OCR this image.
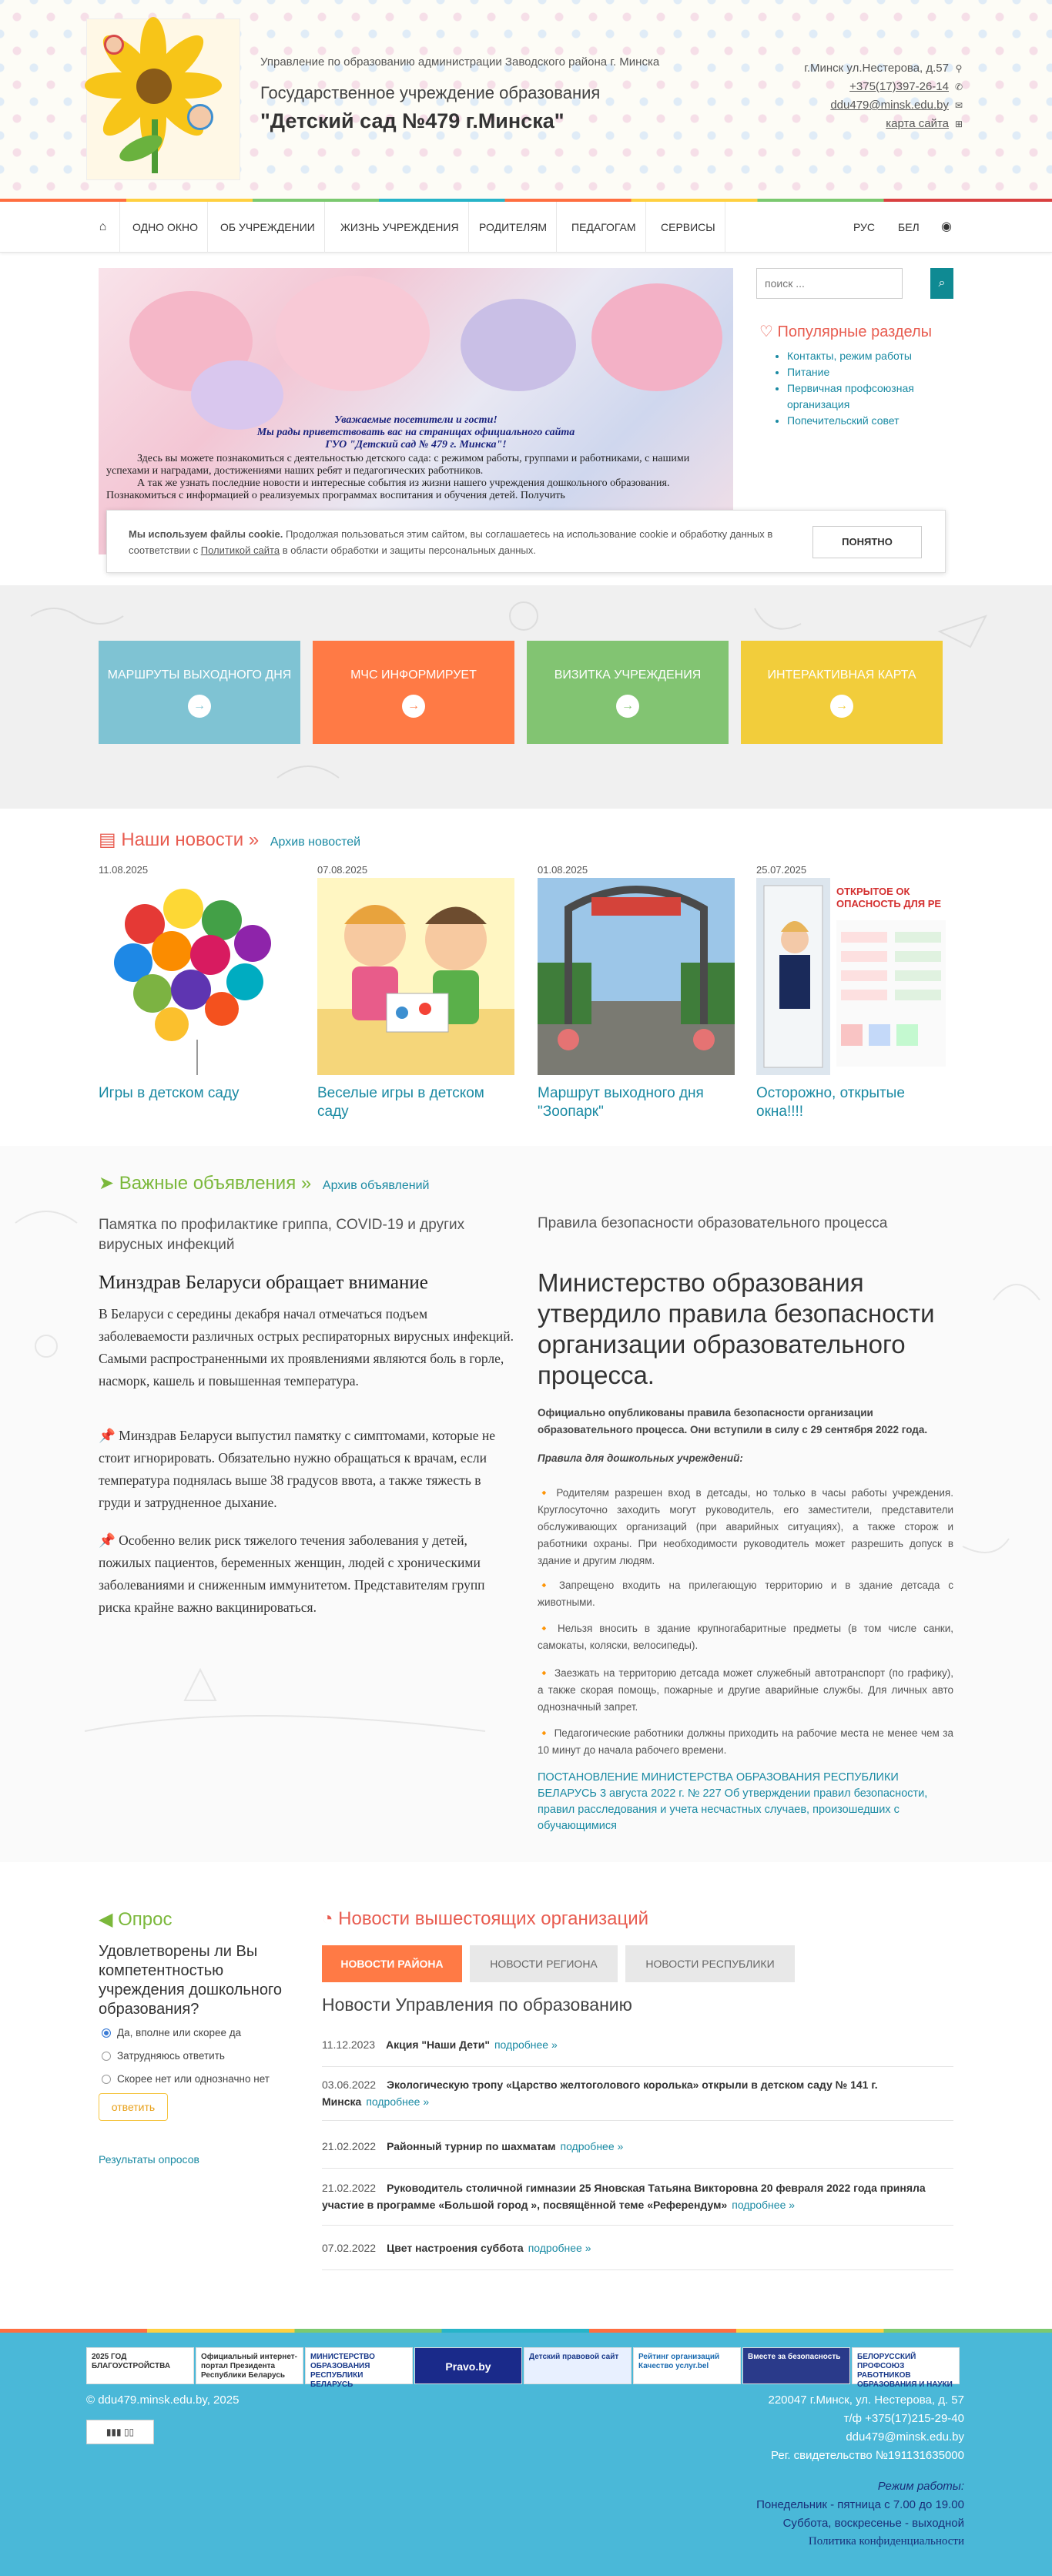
Управление по образованию администрации Заводского района г. Минска
Государственное учреждение образования
"Детский сад №479 г.Минска"
г.Минск ул.Нестерова, д.57 ⚲
+375(17)397-26-14 ✆
ddu479@minsk.edu.by ✉
карта сайта ⊞
⌂	ОДНО ОКНО	ОБ УЧРЕЖДЕНИИ	ЖИЗНЬ УЧРЕЖДЕНИЯ	РОДИТЕЛЯМ	ПЕДАГОГАМ	СЕРВИСЫ	РУС БЕЛ ◉
Уважаемые посетители и гости!
Мы рады приветствовать вас на страницах официального сайта
ГУО "Детский сад № 479 г. Минска"!
Здесь вы можете познакомиться с деятельностью детского сада: с режимом работы, группами и работниками, с нашими успехами и наградами, достижениями наших ребят и педагогических работников.
А так же узнать последние новости и интересные события из жизни нашего учреждения дошкольного образования. Познакомиться с информацией о реализуемых программах воспитания и обучения детей. Получить
поиск ...
⌕
♡ Популярные разделы
• Контакты, режим работы
• Питание
• Первичная профсоюзная организация
• Попечительский совет
Мы используем файлы cookie. Продолжая пользоваться этим сайтом, вы соглашаетесь на использование cookie и обработку данных в соответствии с Политикой сайта в области обработки и защиты персональных данных.
ПОНЯТНО
МАРШРУТЫ ВЫХОДНОГО ДНЯ
→
МЧС ИНФОРМИРУЕТ
→
ВИЗИТКА УЧРЕЖДЕНИЯ
→
ИНТЕРАКТИВНАЯ КАРТА
→
▤ Наши новости » Архив новостей
11.08.2025
Игры в детском саду
07.08.2025
Веселые игры в детском саду
01.08.2025
Маршрут выходного дня "Зоопарк"
25.07.2025
ОТКРЫТОЕ ОК ОПАСНОСТЬ ДЛЯ РЕ
Осторожно, открытые окна!!!!
➤ Важные объявления » Архив объявлений
Памятка по профилактике гриппа, COVID-19 и других вирусных инфекций
Минздрав Беларуси обращает внимание
В Беларуси с середины декабря начал отмечаться подъем заболеваемости различных острых респираторных вирусных инфекций. Самыми распространенными их проявлениями являются боль в горле, насморк, кашель и повышенная температура.
📌 Минздрав Беларуси выпустил памятку с симптомами, которые не стоит игнорировать. Обязательно нужно обращаться к врачам, если температура поднялась выше 38 градусов ввота, а также тяжесть в груди и затрудненное дыхание.
📌 Особенно велик риск тяжелого течения заболевания у детей, пожилых пациентов, беременных женщин, людей с хроническими заболеваниями и сниженным иммунитетом. Представителям групп риска крайне важно вакцинироваться.
Правила безопасности образовательного процесса
Министерство образования утвердило правила безопасности организации образовательного процесса.
Официально опубликованы правила безопасности организации образовательного процесса. Они вступили в силу с 29 сентября 2022 года.
Правила для дошкольных учреждений:
🔸 Родителям разрешен вход в детсады, но только в часы работы учреждения. Круглосуточно заходить могут руководитель, его заместители, представители обслуживающих организаций (при аварийных ситуациях), а также сторож и работники охраны. При необходимости руководитель может разрешить допуск в здание и другим людям.
🔸 Запрещено входить на прилегающую территорию и в здание детсада с животными.
🔸 Нельзя вносить в здание крупногабаритные предметы (в том числе санки, самокаты, коляски, велосипеды).
🔸 Заезжать на территорию детсада может служебный автотранспорт (по графику), а также скорая помощь, пожарные и другие аварийные службы. Для личных авто однозначный запрет.
🔸 Педагогические работники должны приходить на рабочие места не менее чем за 10 минут до начала рабочего времени.
ПОСТАНОВЛЕНИЕ МИНИСТЕРСТВА ОБРАЗОВАНИЯ РЕСПУБЛИКИ БЕЛАРУСЬ 3 августа 2022 г. № 227 Об утверждении правил безопасности, правил расследования и учета несчастных случаев, произошедших с обучающимися
◀ Опрос
Удовлетворены ли Вы компетентностью учреждения дошкольного образования?
Да, вполне или скорее да
Затрудняюсь ответить
Скорее нет или однозначно нет
ответить
Результаты опросов
◔ Новости вышестоящих организаций
НОВОСТИ РАЙОНА	НОВОСТИ РЕГИОНА	НОВОСТИ РЕСПУБЛИКИ
Новости Управления по образованию
11.12.2023 Акция "Наши Дети" подробнее »
03.06.2022 Экологическую тропу «Царство желтоголового королька» открыли в детском саду № 141 г. Минска подробнее »
21.02.2022 Районный турнир по шахматам подробнее »
21.02.2022 Руководитель столичной гимназии 25 Яновская Татьяна Викторовна 20 февраля 2022 года приняла участие в программе «Большой город », посвящённой теме «Референдум» подробнее »
07.02.2022 Цвет настроения суббота подробнее »
2025 ГОД БЛАГОУСТРОЙСТВА
Официальный интернет-портал Президента Республики Беларусь
МИНИСТЕРСТВО ОБРАЗОВАНИЯ РЕСПУБЛИКИ БЕЛАРУСЬ
Pravo.by
Детский правовой сайт	Рейтинг организаций Качество услуг.bel
Вместе за безопасность	БЕЛОРУССКИЙ ПРОФСОЮЗ РАБОТНИКОВ ОБРАЗОВАНИЯ И НАУКИ
© ddu479.minsk.edu.by, 2025
▮▮▮ ▯▯
220047 г.Минск, ул. Нестерова, д. 57
т/ф +375(17)215-29-40
ddu479@minsk.edu.by
Рег. свидетельство №191131635000
Режим работы:
Понедельник - пятница с 7.00 до 19.00
Суббота, воскресенье - выходной
Политика конфиденциальности
